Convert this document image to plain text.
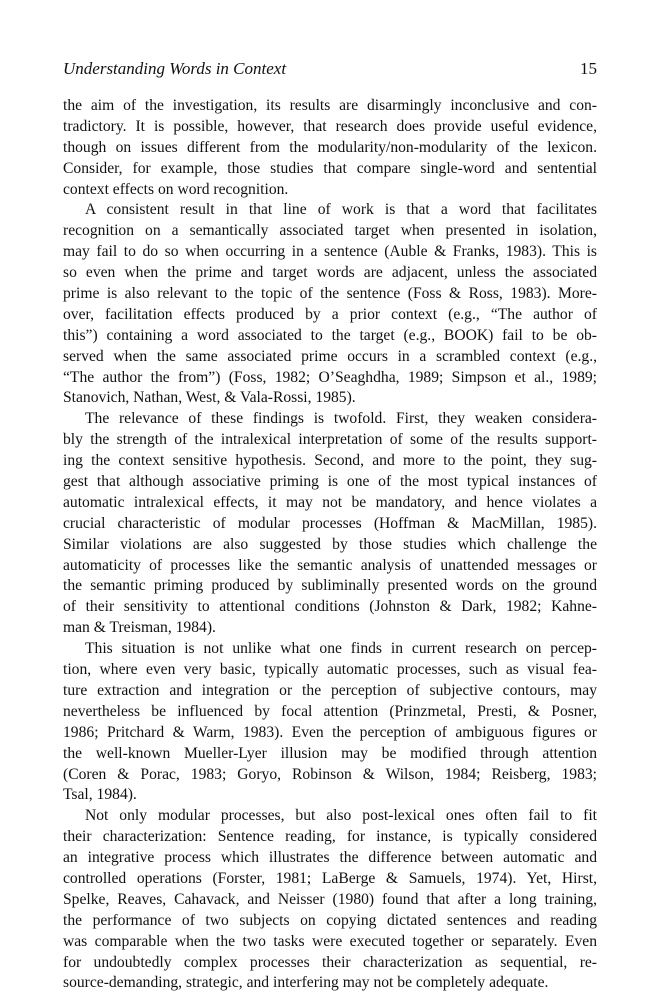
Understanding Words in Context	15
the aim of the investigation, its results are disarmingly inconclusive and con-
tradictory. It is possible, however, that research does provide useful evidence,
though on issues different from the modularity/non-modularity of the lexicon.
Consider, for example, those studies that compare single-word and sentential
context effects on word recognition.
A consistent result in that line of work is that a word that facilitates
recognition on a semantically associated target when presented in isolation,
may fail to do so when occurring in a sentence (Auble & Franks, 1983). This is
so even when the prime and target words are adjacent, unless the associated
prime is also relevant to the topic of the sentence (Foss & Ross, 1983). More-
over, facilitation effects produced by a prior context (e.g., “The author of
this”) containing a word associated to the target (e.g., BOOK) fail to be ob-
served when the same associated prime occurs in a scrambled context (e.g.,
“The author the from”) (Foss, 1982; O’Seaghdha, 1989; Simpson et al., 1989;
Stanovich, Nathan, West, & Vala-Rossi, 1985).
The relevance of these findings is twofold. First, they weaken considera-
bly the strength of the intralexical interpretation of some of the results support-
ing the context sensitive hypothesis. Second, and more to the point, they sug-
gest that although associative priming is one of the most typical instances of
automatic intralexical effects, it may not be mandatory, and hence violates a
crucial characteristic of modular processes (Hoffman & MacMillan, 1985).
Similar violations are also suggested by those studies which challenge the
automaticity of processes like the semantic analysis of unattended messages or
the semantic priming produced by subliminally presented words on the ground
of their sensitivity to attentional conditions (Johnston & Dark, 1982; Kahne-
man & Treisman, 1984).
This situation is not unlike what one finds in current research on percep-
tion, where even very basic, typically automatic processes, such as visual fea-
ture extraction and integration or the perception of subjective contours, may
nevertheless be influenced by focal attention (Prinzmetal, Presti, & Posner,
1986; Pritchard & Warm, 1983). Even the perception of ambiguous figures or
the well-known Mueller-Lyer illusion may be modified through attention
(Coren & Porac, 1983; Goryo, Robinson & Wilson, 1984; Reisberg, 1983;
Tsal, 1984).
Not only modular processes, but also post-lexical ones often fail to fit
their characterization: Sentence reading, for instance, is typically considered
an integrative process which illustrates the difference between automatic and
controlled operations (Forster, 1981; LaBerge & Samuels, 1974). Yet, Hirst,
Spelke, Reaves, Cahavack, and Neisser (1980) found that after a long training,
the performance of two subjects on copying dictated sentences and reading
was comparable when the two tasks were executed together or separately. Even
for undoubtedly complex processes their characterization as sequential, re-
source-demanding, strategic, and interfering may not be completely adequate.
